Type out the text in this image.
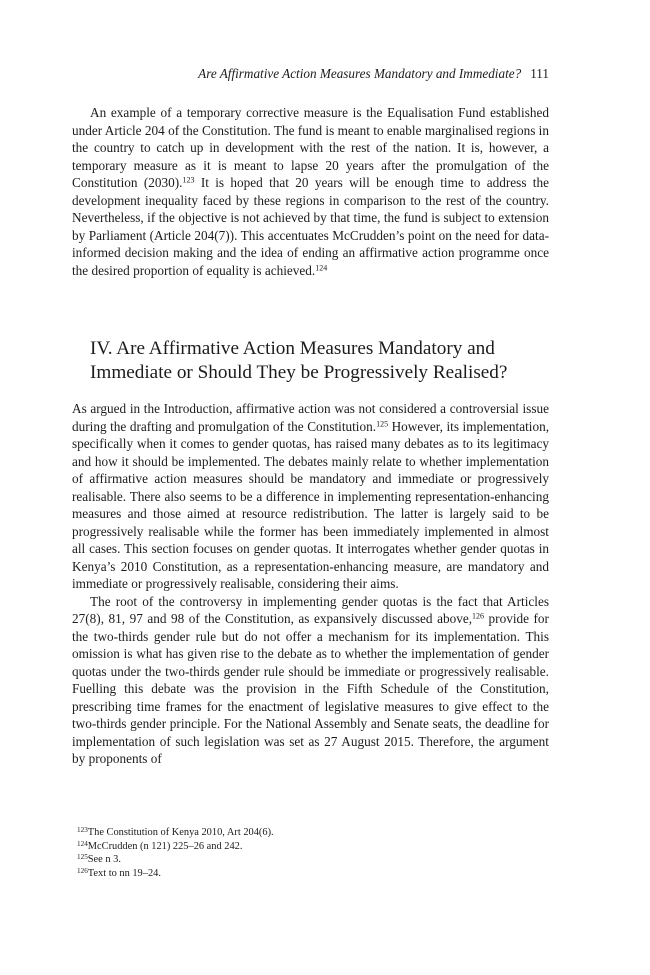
Are Affirmative Action Measures Mandatory and Immediate? 111

An example of a temporary corrective measure is the Equalisation Fund established under Article 204 of the Constitution. The fund is meant to enable marginalised regions in the country to catch up in development with the rest of the nation. It is, however, a temporary measure as it is meant to lapse 20 years after the promulgation of the Constitution (2030).$^{123}$ It is hoped that 20 years will be enough time to address the development inequality faced by these regions in comparison to the rest of the country. Nevertheless, if the objective is not achieved by that time, the fund is subject to extension by Parliament (Article 204(7)). This accentuates McCrudden’s point on the need for data-informed decision making and the idea of ending an affirmative action programme once the desired proportion of equality is achieved.$^{124}$

IV. Are Affirmative Action Measures Mandatory and
Immediate or Should They be Progressively Realised?

As argued in the Introduction, affirmative action was not considered a controversial issue during the drafting and promulgation of the Constitution.$^{125}$ However, its implementation, specifically when it comes to gender quotas, has raised many debates as to its legitimacy and how it should be implemented. The debates mainly relate to whether implementation of affirmative action measures should be mandatory and immediate or progressively realisable. There also seems to be a difference in implementing representation-enhancing measures and those aimed at resource redistribution. The latter is largely said to be progressively realisable while the former has been immediately implemented in almost all cases. This section focuses on gender quotas. It interrogates whether gender quotas in Kenya’s 2010 Constitution, as a representation-enhancing measure, are mandatory and immediate or progressively realisable, considering their aims.

The root of the controversy in implementing gender quotas is the fact that Articles 27(8), 81, 97 and 98 of the Constitution, as expansively discussed above,$^{126}$ provide for the two-thirds gender rule but do not offer a mechanism for its implementation. This omission is what has given rise to the debate as to whether the implementation of gender quotas under the two-thirds gender rule should be immediate or progressively realisable. Fuelling this debate was the provision in the Fifth Schedule of the Constitution, prescribing time frames for the enactment of legislative measures to give effect to the two-thirds gender principle. For the National Assembly and Senate seats, the deadline for implementation of such legislation was set as 27 August 2015. Therefore, the argument by proponents of

$^{123}$The Constitution of Kenya 2010, Art 204(6).
$^{124}$McCrudden (n 121) 225–26 and 242.
$^{125}$See n 3.
$^{126}$Text to nn 19–24.
